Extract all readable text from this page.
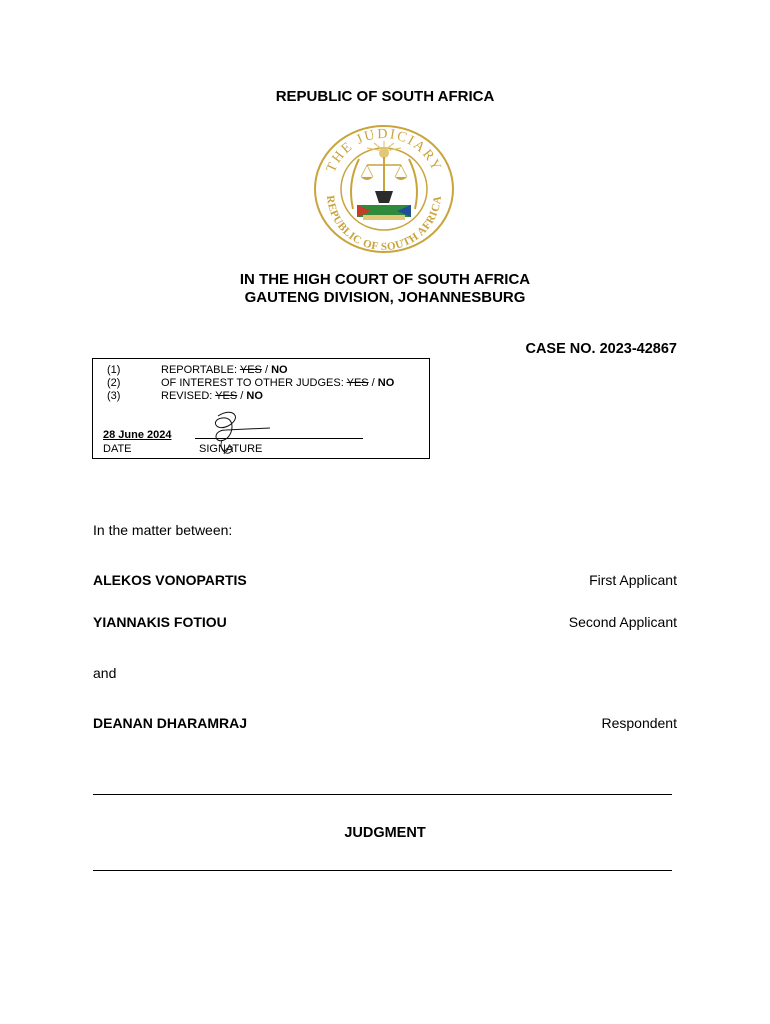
REPUBLIC OF SOUTH AFRICA
THE JUDICIARY
REPUBLIC OF SOUTH AFRICA
IN THE HIGH COURT OF SOUTH AFRICA
GAUTENG DIVISION, JOHANNESBURG
CASE NO. 2023-42867
(1)	REPORTABLE: YES / NO
(2)	OF INTEREST TO OTHER JUDGES: YES / NO
(3)	REVISED: YES / NO
28 June 2024
DATE	SIGNATURE
In the matter between:
ALEKOS VONOPARTIS	First Applicant
YIANNAKIS FOTIOU	Second Applicant
and
DEANAN DHARAMRAJ	Respondent
JUDGMENT
